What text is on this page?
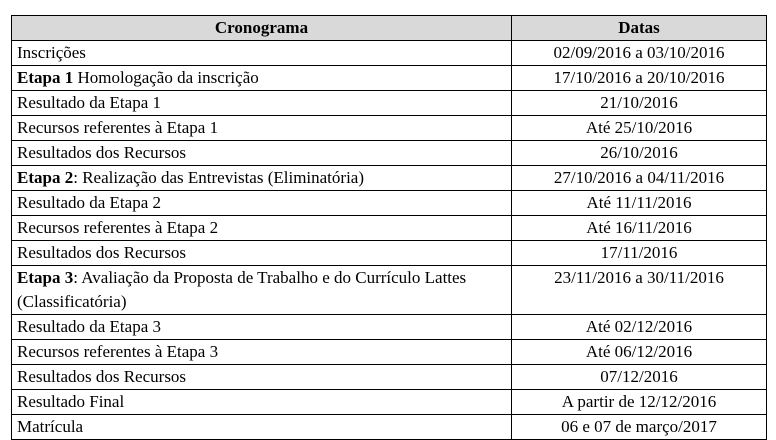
Cronograma	Datas
Inscrições	02/09/2016 a 03/10/2016
Etapa 1 Homologação da inscrição	17/10/2016 a 20/10/2016
Resultado da Etapa 1	21/10/2016
Recursos referentes à Etapa 1	Até 25/10/2016
Resultados dos Recursos	26/10/2016
Etapa 2: Realização das Entrevistas (Eliminatória)	27/10/2016 a 04/11/2016
Resultado da Etapa 2	Até 11/11/2016
Recursos referentes à Etapa 2	Até 16/11/2016
Resultados dos Recursos	17/11/2016
Etapa 3: Avaliação da Proposta de Trabalho e do Currículo Lattes (Classificatória)	23/11/2016 a 30/11/2016
Resultado da Etapa 3	Até 02/12/2016
Recursos referentes à Etapa 3	Até 06/12/2016
Resultados dos Recursos	07/12/2016
Resultado Final	A partir de 12/12/2016
Matrícula	06 e 07 de março/2017
